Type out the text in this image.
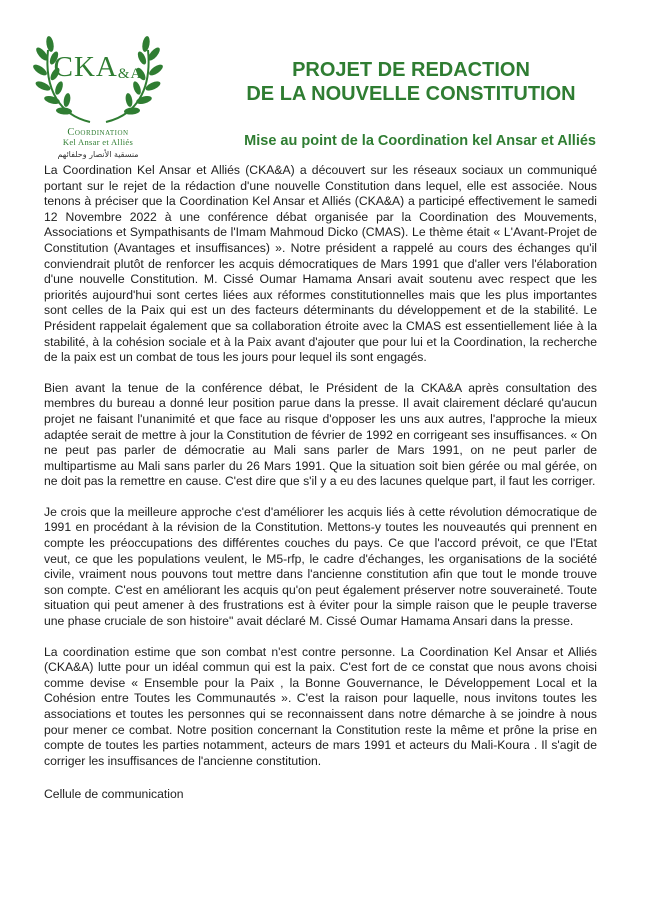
CKA&A
Coordination
Kel Ansar et Alliés
منسقية الأنصار وحلفائهم
PROJET DE REDACTION
DE LA NOUVELLE CONSTITUTION
Mise au point de la Coordination kel Ansar et Alliés

La Coordination Kel Ansar et Alliés (CKA&A) a découvert sur les réseaux sociaux un communiqué portant sur le rejet de la rédaction d'une nouvelle Constitution dans lequel, elle est associée. Nous tenons à préciser que la Coordination Kel Ansar et Alliés (CKA&A) a participé effectivement le samedi 12 Novembre 2022 à une conférence débat organisée par la Coordination des Mouvements, Associations et Sympathisants de l'Imam Mahmoud Dicko (CMAS). Le thème était « L'Avant-Projet de Constitution (Avantages et insuffisances) ». Notre président a rappelé au cours des échanges qu'il conviendrait plutôt de renforcer les acquis démocratiques de Mars 1991 que d'aller vers l'élaboration d'une nouvelle Constitution. M. Cissé Oumar Hamama Ansari avait soutenu avec respect que les priorités aujourd'hui sont certes liées aux réformes constitutionnelles mais que les plus importantes sont celles de la Paix qui est un des facteurs déterminants du développement et de la stabilité. Le Président rappelait également que sa collaboration étroite avec la CMAS est essentiellement liée à la stabilité, à la cohésion sociale et à la Paix avant d'ajouter que pour lui et la Coordination, la recherche de la paix est un combat de tous les jours pour lequel ils sont engagés.

Bien avant la tenue de la conférence débat, le Président de la CKA&A après consultation des membres du bureau a donné leur position parue dans la presse. Il avait clairement déclaré qu'aucun projet ne faisant l'unanimité et que face au risque d'opposer les uns aux autres, l'approche la mieux adaptée serait de mettre à jour la Constitution de février de 1992 en corrigeant ses insuffisances. « On ne peut pas parler de démocratie au Mali sans parler de Mars 1991, on ne peut parler de multipartisme au Mali sans parler du 26 Mars 1991. Que la situation soit bien gérée ou mal gérée, on ne doit pas la remettre en cause. C'est dire que s'il y a eu des lacunes quelque part, il faut les corriger.

Je crois que la meilleure approche c'est d'améliorer les acquis liés à cette révolution démocratique de 1991 en procédant à la révision de la Constitution. Mettons-y toutes les nouveautés qui prennent en compte les préoccupations des différentes couches du pays. Ce que l'accord prévoit, ce que l'Etat veut, ce que les populations veulent, le M5-rfp, le cadre d'échanges, les organisations de la société civile, vraiment nous pouvons tout mettre dans l'ancienne constitution afin que tout le monde trouve son compte. C'est en améliorant les acquis qu'on peut également préserver notre souveraineté. Toute situation qui peut amener à des frustrations est à éviter pour la simple raison que le peuple traverse une phase cruciale de son histoire" avait déclaré M. Cissé Oumar Hamama Ansari dans la presse.

La coordination estime que son combat n'est contre personne. La Coordination Kel Ansar et Alliés (CKA&A) lutte pour un idéal commun qui est la paix. C'est fort de ce constat que nous avons choisi comme devise « Ensemble pour la Paix , la Bonne Gouvernance, le Développement Local et la Cohésion entre Toutes les Communautés ». C'est la raison pour laquelle, nous invitons toutes les associations et toutes les personnes qui se reconnaissent dans notre démarche à se joindre à nous pour mener ce combat. Notre position concernant la Constitution reste la même et prône la prise en compte de toutes les parties notamment, acteurs de mars 1991 et acteurs du Mali-Koura . Il s'agit de corriger les insuffisances de l'ancienne constitution.

Cellule de communication
